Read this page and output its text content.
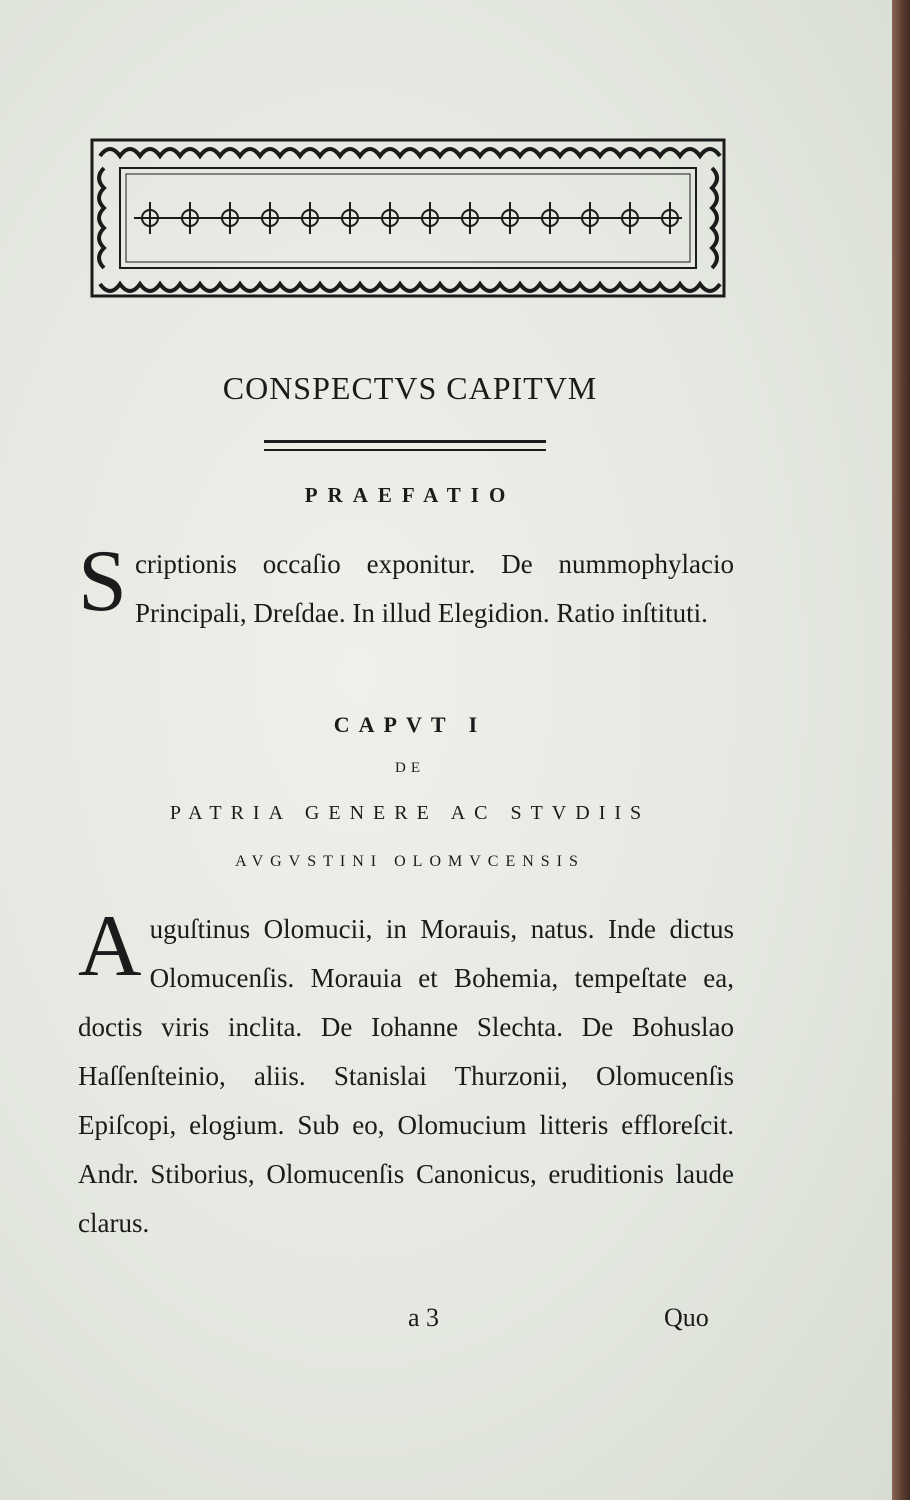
CONSPECTVS CAPITVM
PRAEFATIO
Scriptionis occaſio exponitur. De nummophylacio Principali, Dreſdae. In illud Elegidion. Ratio inſtituti.
CAPVT I
DE
PATRIA GENERE AC STVDIIS
AVGVSTINI OLOMVCENSIS
Auguſtinus Olomucii, in Morauis, natus. Inde dictus Olomucenſis. Morauia et Bohemia, tempeſtate ea, doctis viris inclita. De Iohanne Slechta. De Bohuslao Haſſenſteinio, aliis. Stanislai Thurzonii, Olomucenſis Epiſcopi, elogium. Sub eo, Olomucium litteris effloreſcit. Andr. Stiborius, Olomucenſis Canonicus, eruditionis laude clarus.
a 3	Quo
